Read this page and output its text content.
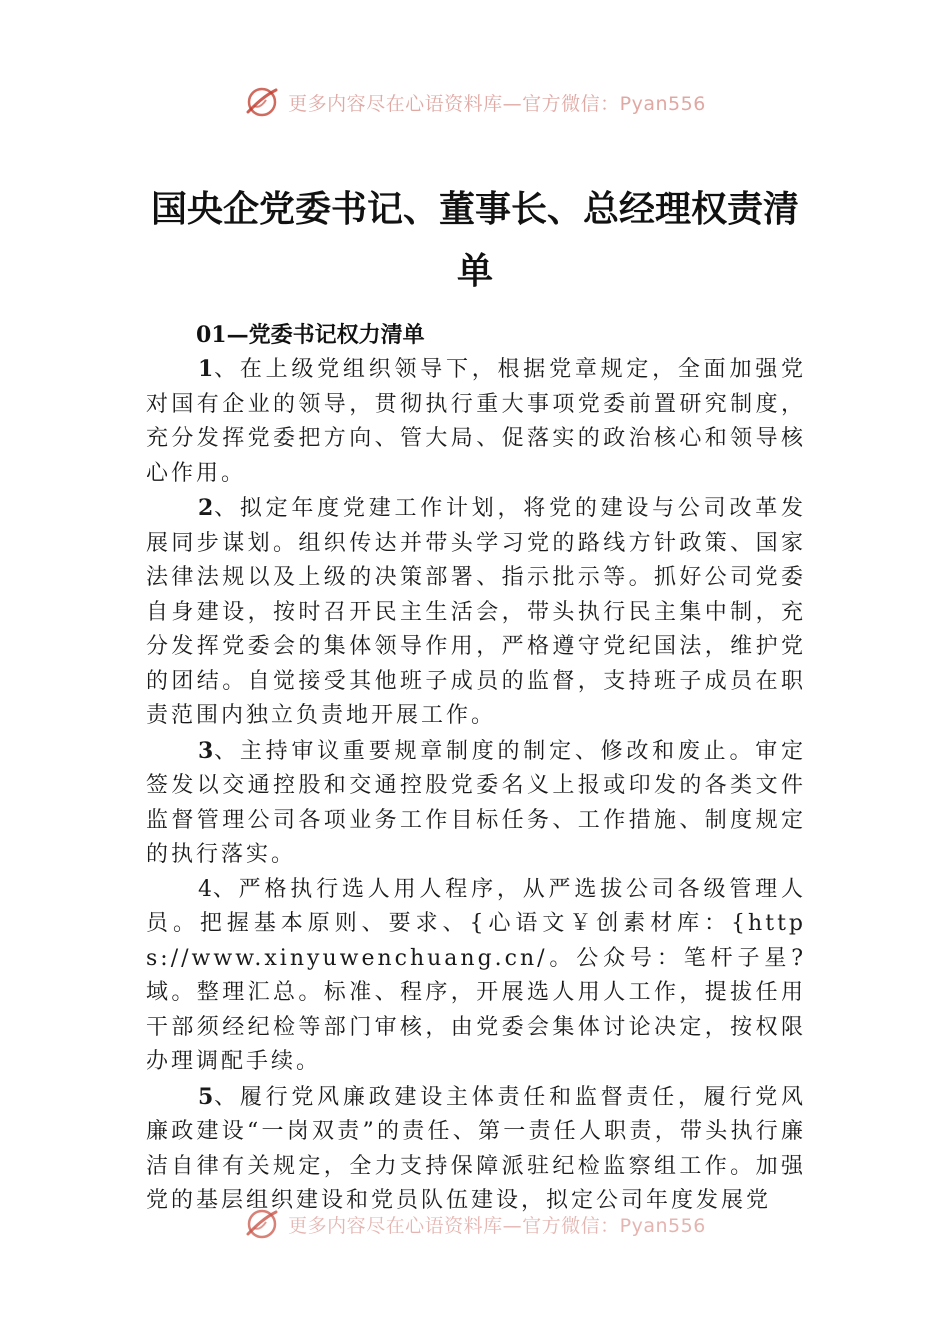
更多内容尽在心语资料库—官方微信：Pyan556
国央企党委书记、董事长、总经理权责清单

01—党委书记权力清单

1、在上级党组织领导下，根据党章规定，全面加强党对国有企业的领导，贯彻执行重大事项党委前置研究制度，充分发挥党委把方向、管大局、促落实的政治核心和领导核心作用。

2、拟定年度党建工作计划，将党的建设与公司改革发展同步谋划。组织传达并带头学习党的路线方针政策、国家法律法规以及上级的决策部署、指示批示等。抓好公司党委自身建设，按时召开民主生活会，带头执行民主集中制，充分发挥党委会的集体领导作用，严格遵守党纪国法，维护党的团结。自觉接受其他班子成员的监督，支持班子成员在职责范围内独立负责地开展工作。

3、主持审议重要规章制度的制定、修改和废止。审定签发以交通控股和交通控股党委名义上报或印发的各类文件监督管理公司各项业务工作目标任务、工作措施、制度规定的执行落实。

4、严格执行选人用人程序，从严选拔公司各级管理人员。把握基本原则、要求、{心语文￥创素材库：{https://www.xinyuwenchuang.cn/。公众号：笔杆子星?域。整理汇总。标准、程序，开展选人用人工作，提拔任用干部须经纪检等部门审核，由党委会集体讨论决定，按权限办理调配手续。

5、履行党风廉政建设主体责任和监督责任，履行党风廉政建设“一岗双责”的责任、第一责任人职责，带头执行廉洁自律有关规定，全力支持保障派驻纪检监察组工作。加强党的基层组织建设和党员队伍建设，拟定公司年度发展党

更多内容尽在心语资料库—官方微信：Pyan556
